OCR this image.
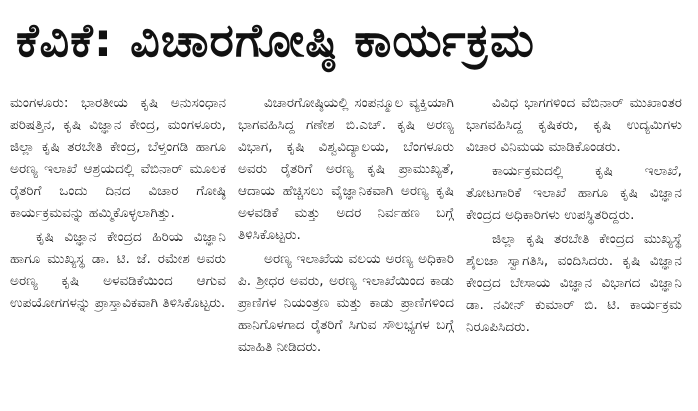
ಕೆವಿಕೆ: ವಿಚಾರಗೋಷ್ಠಿ ಕಾರ್ಯಕ್ರಮ

ಮಂಗಳೂರು: ಭಾರತೀಯ ಕೃಷಿ ಅನುಸಂಧಾನ ಪರಿಷತ್ತಿನ, ಕೃಷಿ ವಿಜ್ಞಾನ ಕೇಂದ್ರ, ಮಂಗಳೂರು, ಜಿಲ್ಲಾ ಕೃಷಿ ತರಬೇತಿ ಕೇಂದ್ರ, ಬೆಳ್ತಂಗಡಿ ಹಾಗೂ ಅರಣ್ಯ ಇಲಾಖೆ ಆಶ್ರಯದಲ್ಲಿ ವೆಬಿನಾರ್ ಮೂಲಕ ರೈತರಿಗೆ ಒಂದು ದಿನದ ವಿಚಾರ ಗೋಷ್ಠಿ ಕಾರ್ಯಕ್ರಮವನ್ನು ಹಮ್ಮಿಕೊಳ್ಳಲಾಗಿತ್ತು.

ಕೃಷಿ ವಿಜ್ಞಾನ ಕೇಂದ್ರದ ಹಿರಿಯ ವಿಜ್ಞಾನಿ ಹಾಗೂ ಮುಖ್ಯಸ್ಥ ಡಾ. ಟಿ. ಜೆ. ರಮೇಶ ಅವರು ಅರಣ್ಯ ಕೃಷಿ ಅಳವಡಿಕೆಯಿಂದ ಆಗುವ ಉಪಯೋಗಗಳನ್ನು ಪ್ರಾಸ್ತಾವಿಕವಾಗಿ ತಿಳಿಸಿಕೊಟ್ಟರು.

ವಿಚಾರಗೋಷ್ಠಿಯಲ್ಲಿ ಸಂಪನ್ಮೂಲ ವ್ಯಕ್ತಿಯಾಗಿ ಭಾಗವಹಿಸಿದ್ದ ಗಣೇಶ ಬಿ.ಎಚ್. ಕೃಷಿ ಅರಣ್ಯ ವಿಭಾಗ, ಕೃಷಿ ವಿಶ್ವವಿದ್ಯಾಲಯ, ಬೆಂಗಳೂರು ಅವರು ರೈತರಿಗೆ ಅರಣ್ಯ ಕೃಷಿ ಪ್ರಾಮುಖ್ಯತೆ, ಆದಾಯ ಹೆಚ್ಚಿಸಲು ವೈಜ್ಞಾನಿಕವಾಗಿ ಅರಣ್ಯ ಕೃಷಿ ಅಳವಡಿಕೆ ಮತ್ತು ಅದರ ನಿರ್ವಹಣ ಬಗ್ಗೆ ತಿಳಿಸಿಕೊಟ್ಟರು.

ಅರಣ್ಯ ಇಲಾಖೆಯ ವಲಯ ಅರಣ್ಯ ಅಧಿಕಾರಿ ಪಿ. ಶ್ರೀಧರ ಅವರು, ಅರಣ್ಯ ಇಲಾಖೆಯಿಂದ ಕಾಡು ಪ್ರಾಣಿಗಳ ನಿಯಂತ್ರಣ ಮತ್ತು ಕಾಡು ಪ್ರಾಣಿಗಳಿಂದ ಹಾನಿಗೊಳಗಾದ ರೈತರಿಗೆ ಸಿಗುವ ಸೌಲಭ್ಯಗಳ ಬಗ್ಗೆ ಮಾಹಿತಿ ನೀಡಿದರು.

ವಿವಿಧ ಭಾಗಗಳಿಂದ ವೆಬಿನಾರ್ ಮುಖಾಂತರ ಭಾಗವಹಿಸಿದ್ದ ಕೃಷಿಕರು, ಕೃಷಿ ಉದ್ಯಮಿಗಳು ವಿಚಾರ ವಿನಿಮಯ ಮಾಡಿಕೊಂಡರು.

ಕಾರ್ಯಕ್ರಮದಲ್ಲಿ ಕೃಷಿ ಇಲಾಖೆ, ತೋಟಗಾರಿಕೆ ಇಲಾಖೆ ಹಾಗೂ ಕೃಷಿ ವಿಜ್ಞಾನ ಕೇಂದ್ರದ ಅಧಿಕಾರಿಗಳು ಉಪಸ್ಥಿತರಿದ್ದರು.

ಜಿಲ್ಲಾ ಕೃಷಿ ತರಬೇತಿ ಕೇಂದ್ರದ ಮುಖ್ಯಸ್ಥೆ ಶೈಲಜಾ ಸ್ವಾಗತಿಸಿ, ವಂದಿಸಿದರು. ಕೃಷಿ ವಿಜ್ಞಾನ ಕೇಂದ್ರದ ಬೇಸಾಯ ವಿಜ್ಞಾನ ವಿಭಾಗದ ವಿಜ್ಞಾನಿ ಡಾ. ನವೀನ್ ಕುಮಾರ್ ಬಿ. ಟಿ. ಕಾರ್ಯಕ್ರಮ ನಿರೂಪಿಸಿದರು.
